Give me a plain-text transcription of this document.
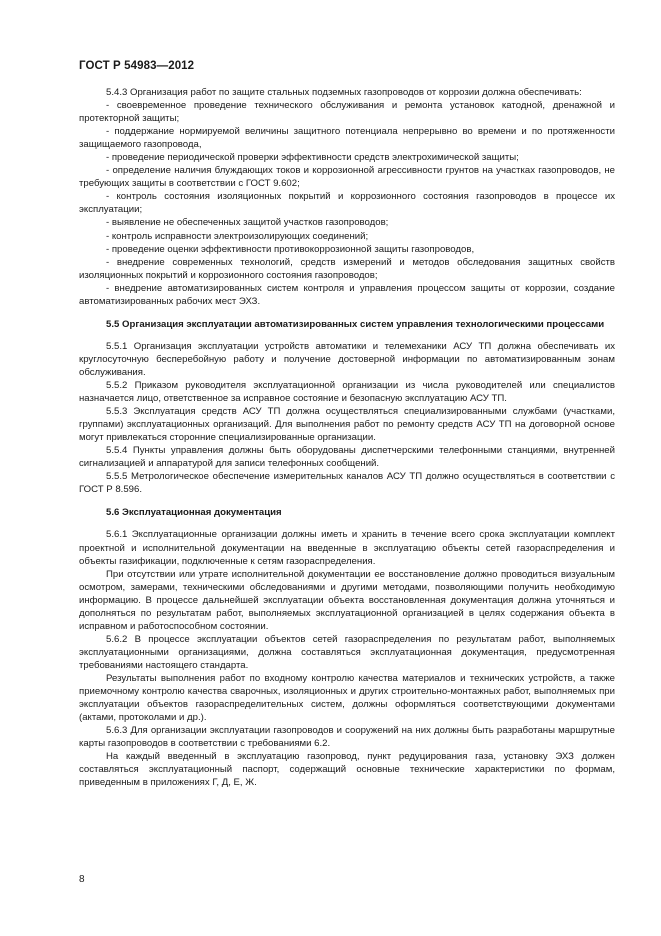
ГОСТ Р 54983—2012

5.4.3 Организация работ по защите стальных подземных газопроводов от коррозии должна обеспечивать:

- своевременное проведение технического обслуживания и ремонта установок катодной, дренажной и протекторной защиты;

- поддержание нормируемой величины защитного потенциала непрерывно во времени и по протяженности защищаемого газопровода,

- проведение периодической проверки эффективности средств электрохимической защиты;

- определение наличия блуждающих токов и коррозионной агрессивности грунтов на участках газопроводов, не требующих защиты в соответствии с ГОСТ 9.602;

- контроль состояния изоляционных покрытий и коррозионного состояния газопроводов в процессе их эксплуатации;

- выявление не обеспеченных защитой участков газопроводов;

- контроль исправности электроизолирующих соединений;

- проведение оценки эффективности противокоррозионной защиты газопроводов,

- внедрение современных технологий, средств измерений и методов обследования защитных свойств изоляционных покрытий и коррозионного состояния газопроводов;

- внедрение автоматизированных систем контроля и управления процессом защиты от коррозии, создание автоматизированных рабочих мест ЭХЗ.

5.5 Организация эксплуатации автоматизированных систем управления технологическими процессами

5.5.1 Организация эксплуатации устройств автоматики и телемеханики АСУ ТП должна обеспечивать их круглосуточную бесперебойную работу и получение достоверной информации по автоматизированным зонам обслуживания.

5.5.2 Приказом руководителя эксплуатационной организации из числа руководителей или специалистов назначается лицо, ответственное за исправное состояние и безопасную эксплуатацию АСУ ТП.

5.5.3 Эксплуатация средств АСУ ТП должна осуществляться специализированными службами (участками, группами) эксплуатационных организаций. Для выполнения работ по ремонту средств АСУ ТП на договорной основе могут привлекаться сторонние специализированные организации.

5.5.4 Пункты управления должны быть оборудованы диспетчерскими телефонными станциями, внутренней сигнализацией и аппаратурой для записи телефонных сообщений.

5.5.5 Метрологическое обеспечение измерительных каналов АСУ ТП должно осуществляться в соответствии с ГОСТ Р 8.596.

5.6 Эксплуатационная документация

5.6.1 Эксплуатационные организации должны иметь и хранить в течение всего срока эксплуатации комплект проектной и исполнительной документации на введенные в эксплуатацию объекты сетей газораспределения и объекты газификации, подключенные к сетям газораспределения.

При отсутствии или утрате исполнительной документации ее восстановление должно проводиться визуальным осмотром, замерами, техническими обследованиями и другими методами, позволяющими получить необходимую информацию. В процессе дальнейшей эксплуатации объекта восстановленная документация должна уточняться и дополняться по результатам работ, выполняемых эксплуатационной организацией в целях содержания объекта в исправном и работоспособном состоянии.

5.6.2 В процессе эксплуатации объектов сетей газораспределения по результатам работ, выполняемых эксплуатационными организациями, должна составляться эксплуатационная документация, предусмотренная требованиями настоящего стандарта.

Результаты выполнения работ по входному контролю качества материалов и технических устройств, а также приемочному контролю качества сварочных, изоляционных и других строительно-монтажных работ, выполняемых при эксплуатации объектов газораспределительных систем, должны оформляться соответствующими документами (актами, протоколами и др.).

5.6.3 Для организации эксплуатации газопроводов и сооружений на них должны быть разработаны маршрутные карты газопроводов в соответствии с требованиями 6.2.

На каждый введенный в эксплуатацию газопровод, пункт редуцирования газа, установку ЭХЗ должен составляться эксплуатационный паспорт, содержащий основные технические характеристики по формам, приведенным в приложениях Г, Д, Е, Ж.

8
